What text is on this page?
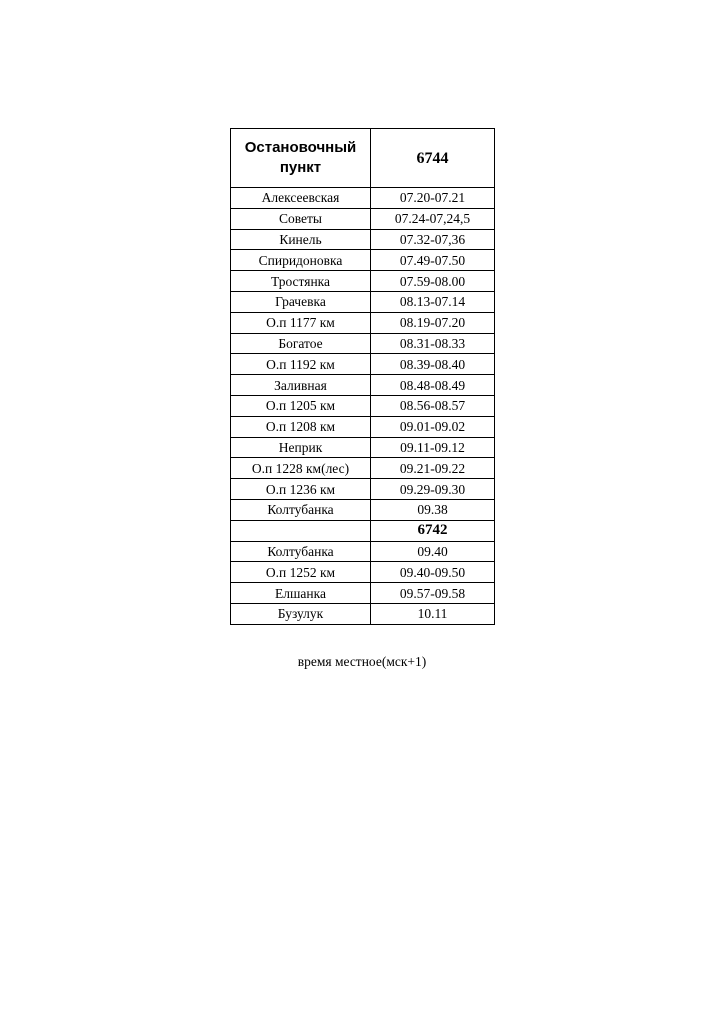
Остановочный пункт	6744
Алексеевская	07.20-07.21
Советы	07.24-07,24,5
Кинель	07.32-07,36
Спиридоновка	07.49-07.50
Тростянка	07.59-08.00
Грачевка	08.13-07.14
О.п 1177 км	08.19-07.20
Богатое	08.31-08.33
О.п 1192 км	08.39-08.40
Заливная	08.48-08.49
О.п 1205 км	08.56-08.57
О.п 1208 км	09.01-09.02
Неприк	09.11-09.12
О.п 1228 км(лес)	09.21-09.22
О.п 1236 км	09.29-09.30
Колтубанка	09.38
	6742
Колтубанка	09.40
О.п 1252 км	09.40-09.50
Елшанка	09.57-09.58
Бузулук	10.11
время местное(мск+1)
